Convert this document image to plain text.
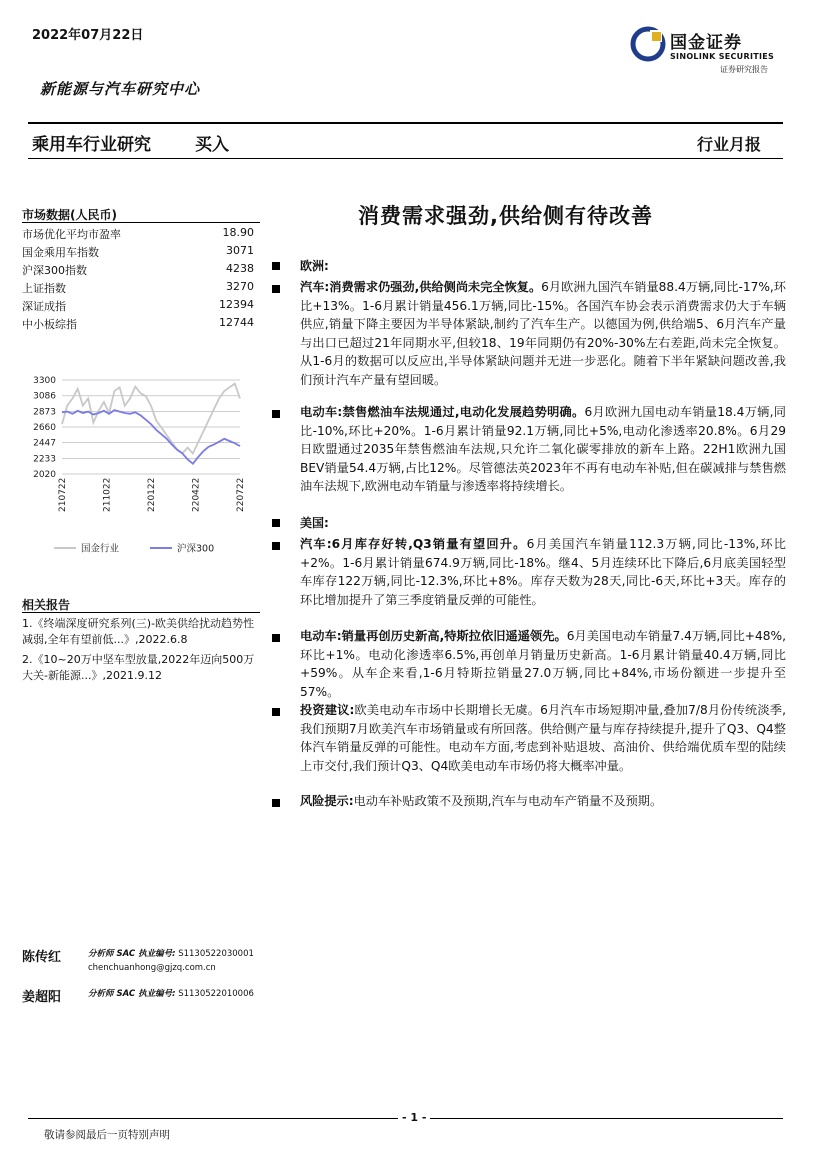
2022年07月22日	国金证券
SINOLINK SECURITIES
证券研究报告
新能源与汽车研究中心
乘用车行业研究	买入	行业月报
市场数据(人民币)
市场优化平均市盈率	18.90
国金乘用车指数	3071
沪深300指数	4238
上证指数	3270
深证成指	12394
中小板综指	12744
3300
3086
2873
2660
2447
2233
2020
210722	211022	220122	220422	220722
国金行业	沪深300
相关报告
1.《终端深度研究系列(三)-欧美供给扰动趋势性减弱,全年有望前低...》,2022.6.8
2.《10~20万中坚车型放量,2022年迈向500万大关-新能源...》,2021.9.12
消费需求强劲,供给侧有待改善
欧洲:
汽车:消费需求仍强劲,供给侧尚未完全恢复。6月欧洲九国汽车销量88.4万辆,同比-17%,环比+13%。1-6月累计销量456.1万辆,同比-15%。各国汽车协会表示消费需求仍大于车辆供应,销量下降主要因为半导体紧缺,制约了汽车生产。以德国为例,供给端5、6月汽车产量与出口已超过21年同期水平,但较18、19年同期仍有20%-30%左右差距,尚未完全恢复。从1-6月的数据可以反应出,半导体紧缺问题并无进一步恶化。随着下半年紧缺问题改善,我们预计汽车产量有望回暖。
电动车:禁售燃油车法规通过,电动化发展趋势明确。6月欧洲九国电动车销量18.4万辆,同比-10%,环比+20%。1-6月累计销量92.1万辆,同比+5%,电动化渗透率20.8%。6月29日欧盟通过2035年禁售燃油车法规,只允许二氧化碳零排放的新车上路。22H1欧洲九国BEV销量54.4万辆,占比12%。尽管德法英2023年不再有电动车补贴,但在碳减排与禁售燃油车法规下,欧洲电动车销量与渗透率将持续增长。
美国:
汽车:6月库存好转,Q3销量有望回升。6月美国汽车销量112.3万辆,同比-13%,环比+2%。1-6月累计销量674.9万辆,同比-18%。继4、5月连续环比下降后,6月底美国轻型车库存122万辆,同比-12.3%,环比+8%。库存天数为28天,同比-6天,环比+3天。库存的环比增加提升了第三季度销量反弹的可能性。
电动车:销量再创历史新高,特斯拉依旧遥遥领先。6月美国电动车销量7.4万辆,同比+48%,环比+1%。电动化渗透率6.5%,再创单月销量历史新高。1-6月累计销量40.4万辆,同比+59%。从车企来看,1-6月特斯拉销量27.0万辆,同比+84%,市场份额进一步提升至57%。
投资建议:欧美电动车市场中长期增长无虞。6月汽车市场短期冲量,叠加7/8月份传统淡季,我们预期7月欧美汽车市场销量或有所回落。供给侧产量与库存持续提升,提升了Q3、Q4整体汽车销量反弹的可能性。电动车方面,考虑到补贴退坡、高油价、供给端优质车型的陆续上市交付,我们预计Q3、Q4欧美电动车市场仍将大概率冲量。
风险提示:电动车补贴政策不及预期,汽车与电动车产销量不及预期。
陈传红	分析师 SAC 执业编号: S1130522030001
chenchuanhong@gjzq.com.cn
姜超阳	分析师 SAC 执业编号: S1130522010006
- 1 -
敬请参阅最后一页特别声明
